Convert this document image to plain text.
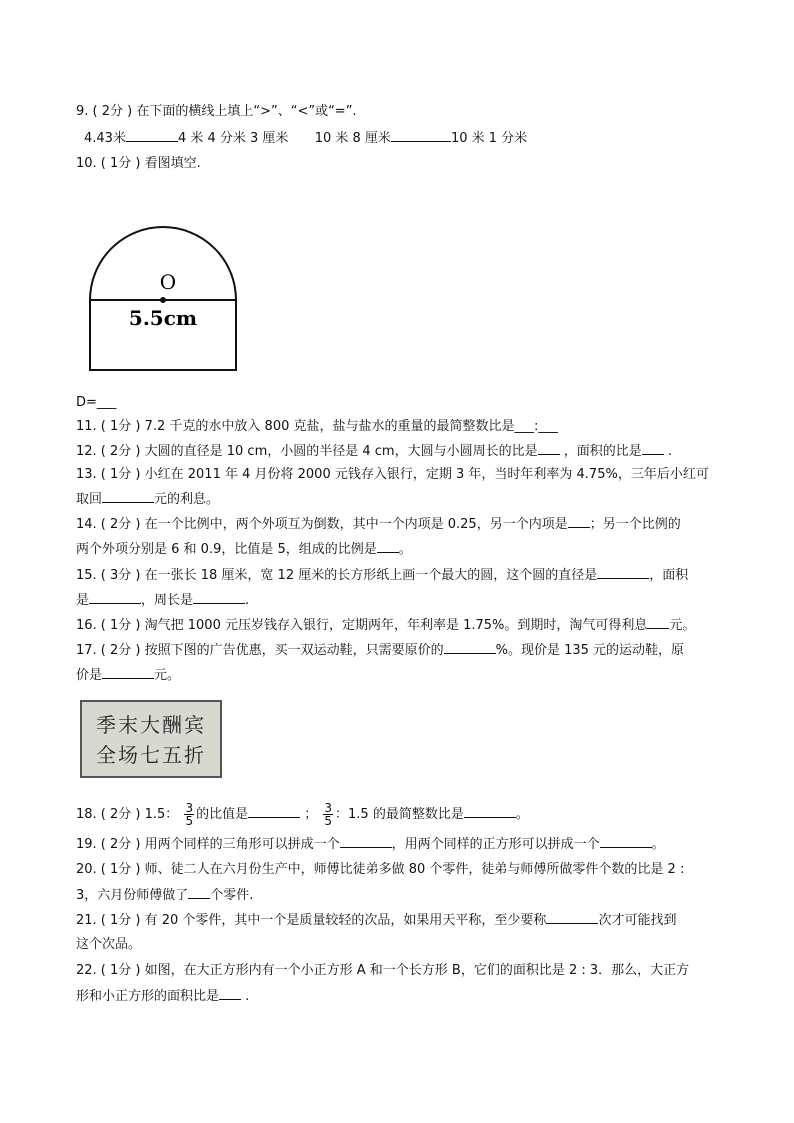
9. ( 2分 ) 在下面的横线上填上“>”、“<”或“=”.
4.43米	4 米 4 分米 3 厘米 10 米 8 厘米	10 米 1 分米
10. ( 1分 ) 看图填空.
O
5.5cm
D=___
11. ( 1分 ) 7.2 千克的水中放入 800 克盐，盐与盐水的重量的最简整数比是___:___
12. ( 2分 ) 大圆的直径是 10 cm，小圆的半径是 4 cm，大圆与小圆周长的比是 ，面积的比是 .
13. ( 1分 ) 小红在 2011 年 4 月份将 2000 元钱存入银行，定期 3 年，当时年利率为 4.75%，三年后小红可
取回	元的利息。
14. ( 2分 ) 在一个比例中，两个外项互为倒数，其中一个内项是 0.25，另一个内项是 ；另一个比例的
两个外项分别是 6 和 0.9，比值是 5，组成的比例是 。
15. ( 3分 ) 在一张长 18 厘米，宽 12 厘米的长方形纸上画一个最大的圆，这个圆的直径是	，面积
是	，周长是	.
16. ( 1分 ) 淘气把 1000 元压岁钱存入银行，定期两年，年利率是 1.75%。到期时，淘气可得利息 元。
17. ( 2分 ) 按照下图的广告优惠，买一双运动鞋，只需要原价的	%。现价是 135 元的运动鞋，原
价是	元。
季末大酬宾
全场七五折
18. ( 2分 ) 1.5： $\frac{3}{5}$ 的比值是	； $\frac{3}{5}$ ：1.5 的最简整数比是	。
19. ( 2分 ) 用两个同样的三角形可以拼成一个	，用两个同样的正方形可以拼成一个	。
20. ( 1分 ) 师、徒二人在六月份生产中，师傅比徒弟多做 80 个零件，徒弟与师傅所做零件个数的比是 2 :
3，六月份师傅做了 个零件.
21. ( 1分 ) 有 20 个零件，其中一个是质量较轻的次品，如果用天平称，至少要称	次才可能找到
这个次品。
22. ( 1分 ) 如图，在大正方形内有一个小正方形 A 和一个长方形 B，它们的面积比是 2 : 3．那么，大正方
形和小正方形的面积比是 .
